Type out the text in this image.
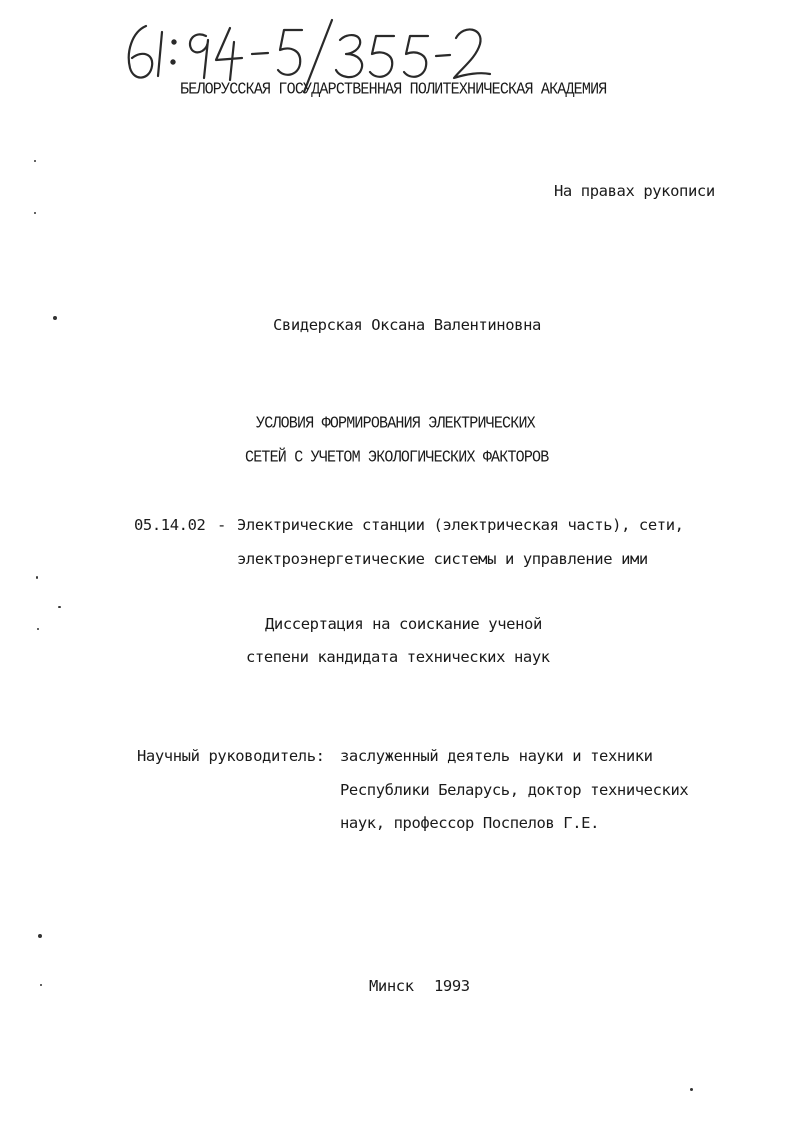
БЕЛОРУССКАЯ ГОСУДАРСТВЕННАЯ ПОЛИТЕХНИЧЕСКАЯ АКАДЕМИЯ
На правах рукописи
Свидерская Оксана Валентиновна
УСЛОВИЯ ФОРМИРОВАНИЯ ЭЛЕКТРИЧЕСКИХ
СЕТЕЙ С УЧЕТОМ ЭКОЛОГИЧЕСКИХ ФАКТОРОВ
05.14.02 - Электрические станции (электрическая часть), сети,
электроэнергетические системы и управление ими
Диссертация на соискание ученой
степени кандидата технических наук
Научный руководитель: заслуженный деятель науки и техники
Республики Беларусь, доктор технических
наук, профессор Поспелов Г.Е.
Минск 1993
